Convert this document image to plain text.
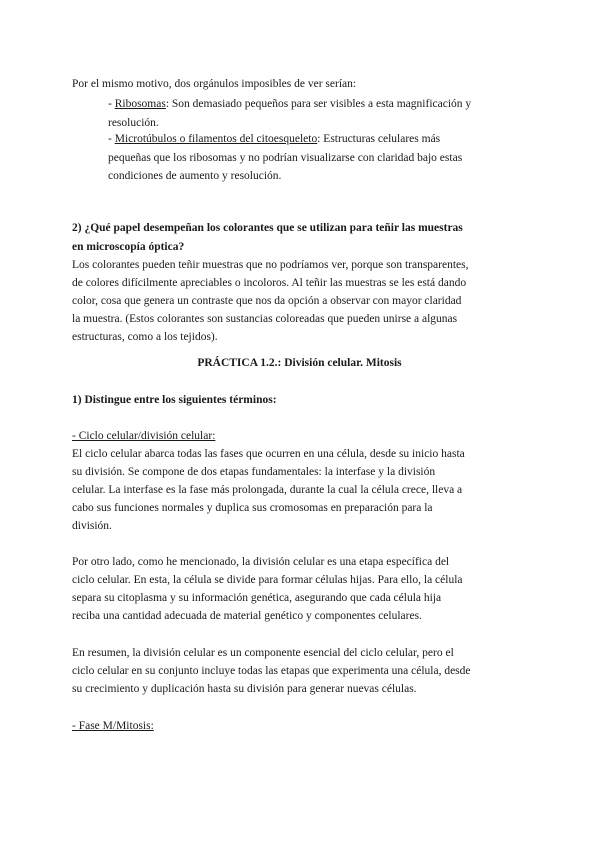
Por el mismo motivo, dos orgánulos imposibles de ver serían:

- Ribosomas: Son demasiado pequeños para ser visibles a esta magnificación y

resolución.

- Microtúbulos o filamentos del citoesqueleto: Estructuras celulares más

pequeñas que los ribosomas y no podrían visualizarse con claridad bajo estas

condiciones de aumento y resolución.

2) ¿Qué papel desempeñan los colorantes que se utilizan para teñir las muestras

en microscopía óptica?

Los colorantes pueden teñir muestras que no podríamos ver, porque son transparentes,

de colores difícilmente apreciables o incoloros. Al teñir las muestras se les está dando

color, cosa que genera un contraste que nos da opción a observar con mayor claridad

la muestra. (Estos colorantes son sustancias coloreadas que pueden unirse a algunas

estructuras, como a los tejidos).

PRÁCTICA 1.2.: División celular. Mitosis

1) Distingue entre los siguientes términos:

- Ciclo celular/división celular:

El ciclo celular abarca todas las fases que ocurren en una célula, desde su inicio hasta

su división. Se compone de dos etapas fundamentales: la interfase y la división

celular. La interfase es la fase más prolongada, durante la cual la célula crece, lleva a

cabo sus funciones normales y duplica sus cromosomas en preparación para la

división.

Por otro lado, como he mencionado, la división celular es una etapa específica del

ciclo celular. En esta, la célula se divide para formar células hijas. Para ello, la célula

separa su citoplasma y su información genética, asegurando que cada célula hija

reciba una cantidad adecuada de material genético y componentes celulares.

En resumen, la división celular es un componente esencial del ciclo celular, pero el

ciclo celular en su conjunto incluye todas las etapas que experimenta una célula, desde

su crecimiento y duplicación hasta su división para generar nuevas células.

- Fase M/Mitosis:
